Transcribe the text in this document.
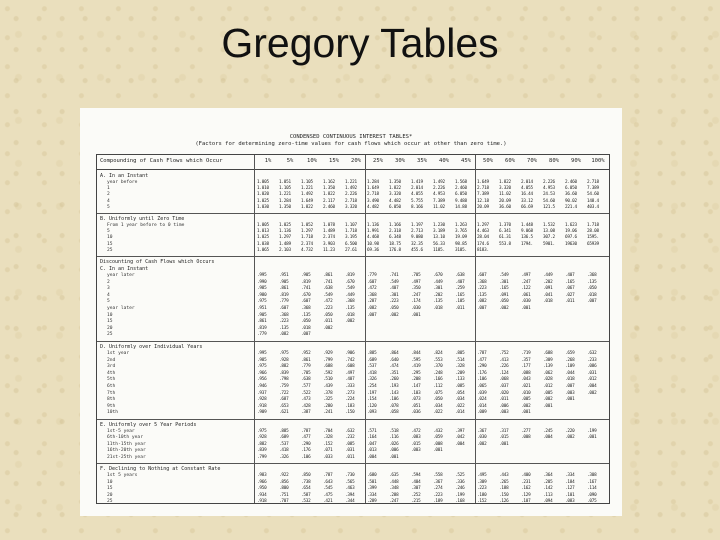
Gregory Tables
CONDENSED CONTINUOUS INTEREST TABLES*
(Factors for determining zero-time values for cash flows which occur at other than zero time.)
Compounding of Cash Flows which Occur	1%	5%	10%	15%	20%	25%	30%	35%	40%	45%	50%	60%	70%	80%	90%	100%
A. In an Instant
year before	1.005 1.051 1.105 1.162 1.221 1.284 1.350 1.419 1.492 1.568 1.649 1.822 2.014 2.226 2.460 2.718
1	1.010 1.105 1.221 1.350 1.492 1.649 1.822 2.014 2.226 2.460 2.718 3.320 4.055 4.953 6.050 7.389
2	1.020 1.221 1.492 1.822 2.226 2.718 3.320 4.055 4.953 6.050 7.389 11.02 16.44 24.53 36.60 54.60
4	1.025 1.284 1.649 2.117 2.718 3.490 4.482 5.755 7.389 9.488 12.18 20.09 33.12 54.60 90.02 148.4
5	1.030 1.350 1.822 2.460 3.320 4.482 6.050 8.166 11.02 14.88 20.09 36.60 66.69 121.5 221.4 403.4
B. Uniformly until Zero Time
From 1 year before to 0 time	1.005 1.025 1.052 1.078 1.107 1.136 1.166 1.197 1.230 1.263 1.297 1.370 1.448 1.532 1.623 1.718
5	1.013 1.136 1.297 1.489 1.718 1.991 2.318 2.713 3.189 3.765 4.463 6.341 9.068 13.08 19.06 28.08
10	1.025 1.297 1.718 2.374 3.195 4.468 6.348 9.080 13.10 19.09 28.04 61.31 136.5 307.2 697.6 1595.
15	1.038 1.489 2.374 3.903 6.500 10.98 18.75 32.35 56.33 98.85 174.6 553.8 1794. 5901. 19630 65939
25	1.065 2.103 4.732 11.23 27.61 69.36 176.8 455.6 1185. 3105. 8183.
Discounting of Cash Flows which Occurs
C. In an Instant
year later	.995	.951	.905	.861	.819	.779	.741	.705	.670	.638	.607	.549	.497	.449	.407	.368
2	.990	.905	.819	.741	.670	.607	.549	.497	.449	.407	.368	.301	.247	.202	.165	.135
3	.985	.861	.741	.638	.549	.472	.407	.350	.301	.259	.223	.165	.122	.091	.067	.050
4	.980	.819	.670	.549	.449	.368	.301	.247	.202	.165	.135	.091	.061	.041	.027	.018
5	.975	.779	.607	.472	.368	.287	.223	.174	.135	.105	.082	.050	.030	.018	.011	.007
year later	.951	.607	.368	.223	.135	.082	.050	.030	.018	.011	.007	.002	.001
10	.905	.368	.135	.050	.018	.007	.002	.001
15	.861	.223	.050	.011	.002
20	.819	.135	.018	.002
25	.779	.082	.007
D. Uniformly over Individual Years
1st year	.995	.975	.952	.929	.906	.885	.864	.844	.824	.805	.787	.752	.719	.688	.659	.632
2nd	.985	.928	.861	.799	.742	.689	.640	.595	.553	.514	.477	.413	.357	.309	.268	.233
3rd	.975	.882	.779	.688	.608	.537	.474	.419	.370	.328	.290	.226	.177	.139	.109	.086
4th	.966	.839	.705	.592	.497	.418	.351	.295	.248	.209	.176	.124	.088	.062	.044	.031
5th	.956	.798	.638	.510	.407	.326	.260	.208	.166	.133	.106	.068	.043	.028	.018	.012
6th	.946	.759	.577	.439	.333	.254	.193	.147	.112	.085	.065	.037	.021	.012	.007	.004
7th	.937	.722	.522	.378	.273	.197	.143	.103	.075	.054	.039	.020	.010	.005	.003	.002
8th	.928	.687	.473	.325	.224	.154	.106	.073	.050	.034	.024	.011	.005	.002	.001
9th	.918	.653	.428	.280	.183	.120	.078	.051	.034	.022	.014	.006	.002	.001
10th	.909	.621	.387	.241	.150	.093	.058	.036	.022	.014	.009	.003	.001
E. Uniformly over 5 Year Periods
1st-5 year	.975	.885	.787	.704	.632	.571	.518	.472	.432	.397	.367	.317	.277	.245	.220	.199
6th-10th year	.928	.689	.477	.328	.232	.164	.116	.083	.059	.042	.030	.015	.008	.004	.002	.001
11th-15th year	.882	.537	.290	.152	.085	.047	.026	.015	.008	.004	.002	.001
16th-20th year	.839	.418	.176	.071	.031	.013	.006	.003	.001
21st-25th year	.799	.326	.106	.033	.011	.004	.001
F. Declining to Nothing at Constant Rate
1st 5 years	.983	.922	.850	.787	.730	.680	.635	.594	.558	.525	.495	.443	.400	.364	.334	.308
10	.966	.856	.738	.643	.565	.501	.448	.404	.367	.336	.309	.265	.231	.205	.184	.167
15	.950	.800	.654	.545	.463	.399	.348	.307	.274	.246	.223	.188	.162	.142	.127	.114
20	.934	.751	.587	.475	.394	.334	.288	.252	.223	.199	.180	.150	.129	.113	.101	.090
25	.918	.707	.532	.421	.344	.289	.247	.215	.189	.168	.152	.126	.107	.094	.083	.075
